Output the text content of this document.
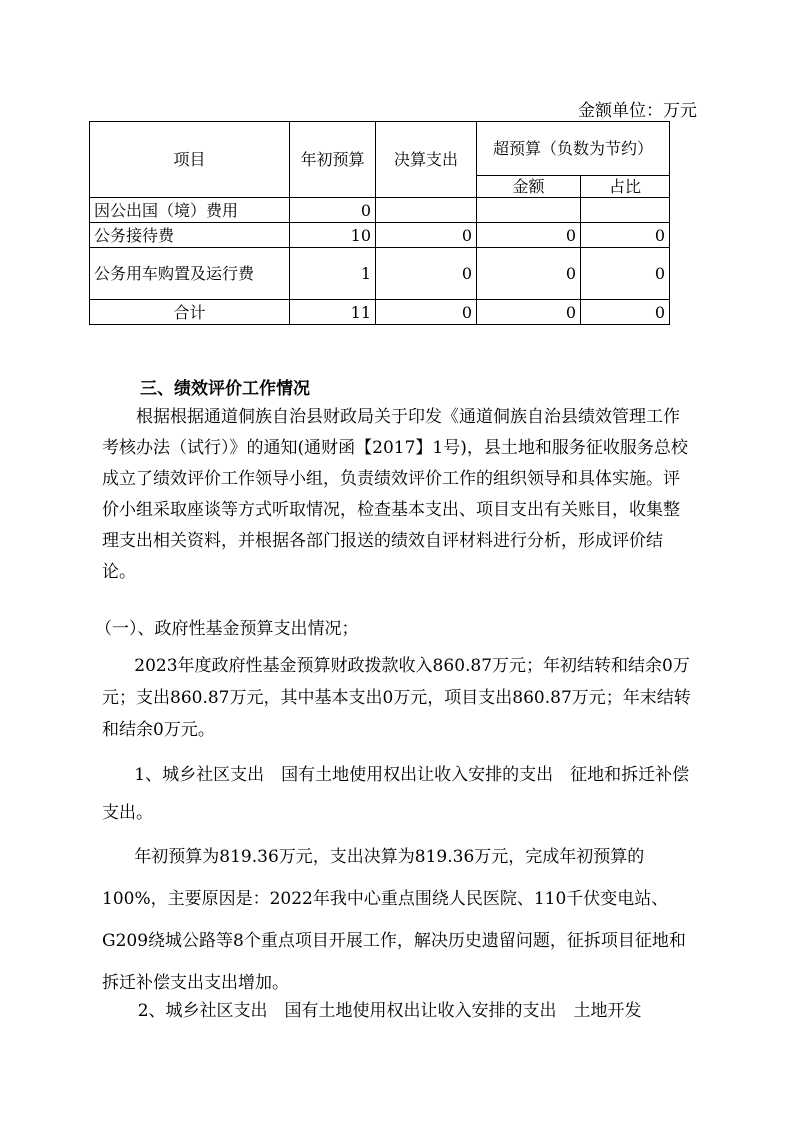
金额单位：万元
项目	年初预算	决算支出	超预算（负数为节约）	
			金额	占比
因公出国（境）费用	0			
公务接待费	10	0	0	0
公务用车购置及运行费	1	0	0	0
合计	11	0	0	0
三、绩效评价工作情况

根据根据通道侗族自治县财政局关于印发《通道侗族自治县绩效管理工作考核办法（试行）》的通知(通财函【2017】1号)，县土地和服务征收服务总校成立了绩效评价工作领导小组，负责绩效评价工作的组织领导和具体实施。评价小组采取座谈等方式听取情况，检查基本支出、项目支出有关账目，收集整理支出相关资料，并根据各部门报送的绩效自评材料进行分析，形成评价结论。

（一）、政府性基金预算支出情况；

2023年度政府性基金预算财政拨款收入860.87万元；年初结转和结余0万元；支出860.87万元，其中基本支出0万元，项目支出860.87万元；年末结转和结余0万元。

1、城乡社区支出　国有土地使用权出让收入安排的支出　征地和拆迁补偿支出。

年初预算为819.36万元，支出决算为819.36万元，完成年初预算的100%，主要原因是：2022年我中心重点围绕人民医院、110千伏变电站、G209绕城公路等8个重点项目开展工作，解决历史遗留问题，征拆项目征地和拆迁补偿支出支出增加。

2、城乡社区支出　国有土地使用权出让收入安排的支出　土地开发
